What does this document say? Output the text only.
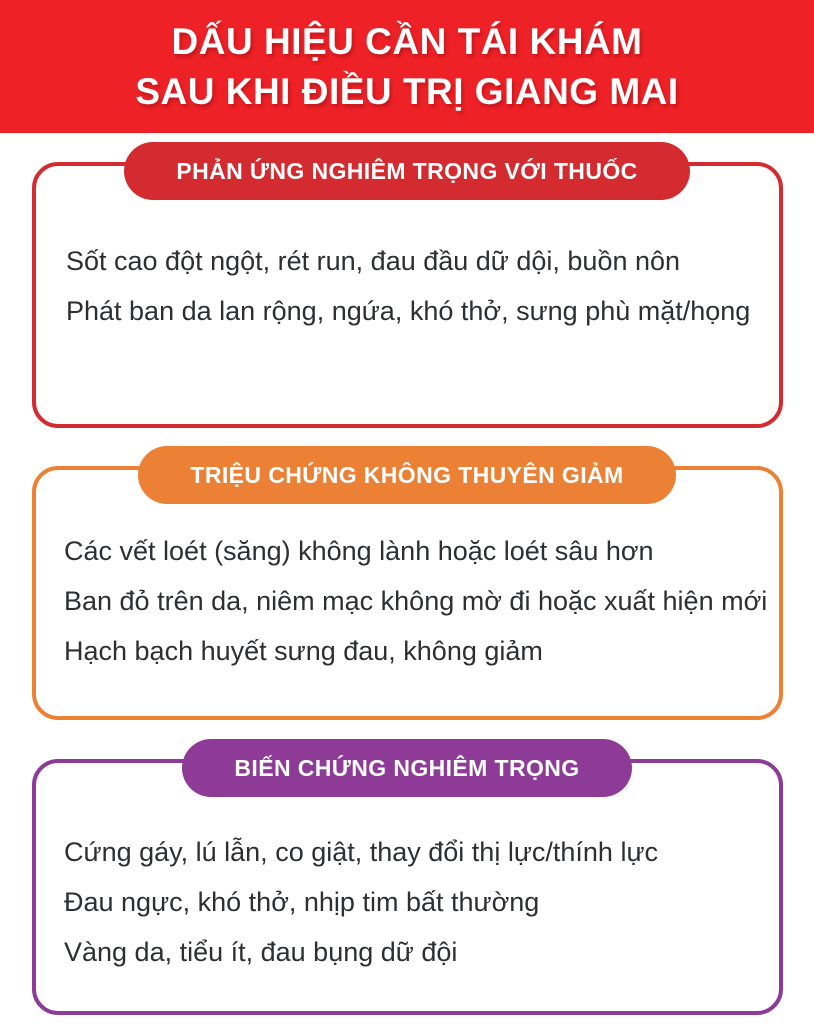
DẤU HIỆU CẦN TÁI KHÁM
SAU KHI ĐIỀU TRỊ GIANG MAI
PHẢN ỨNG NGHIÊM TRỌNG VỚI THUỐC

Sốt cao đột ngột, rét run, đau đầu dữ dội, buồn nôn

Phát ban da lan rộng, ngứa, khó thở, sưng phù mặt/họng

TRIỆU CHỨNG KHÔNG THUYÊN GIẢM

Các vết loét (săng) không lành hoặc loét sâu hơn

Ban đỏ trên da, niêm mạc không mờ đi hoặc xuất hiện mới

Hạch bạch huyết sưng đau, không giảm

BIẾN CHỨNG NGHIÊM TRỌNG

Cứng gáy, lú lẫn, co giật, thay đổi thị lực/thính lực

Đau ngực, khó thở, nhịp tim bất thường

Vàng da, tiểu ít, đau bụng dữ đội
